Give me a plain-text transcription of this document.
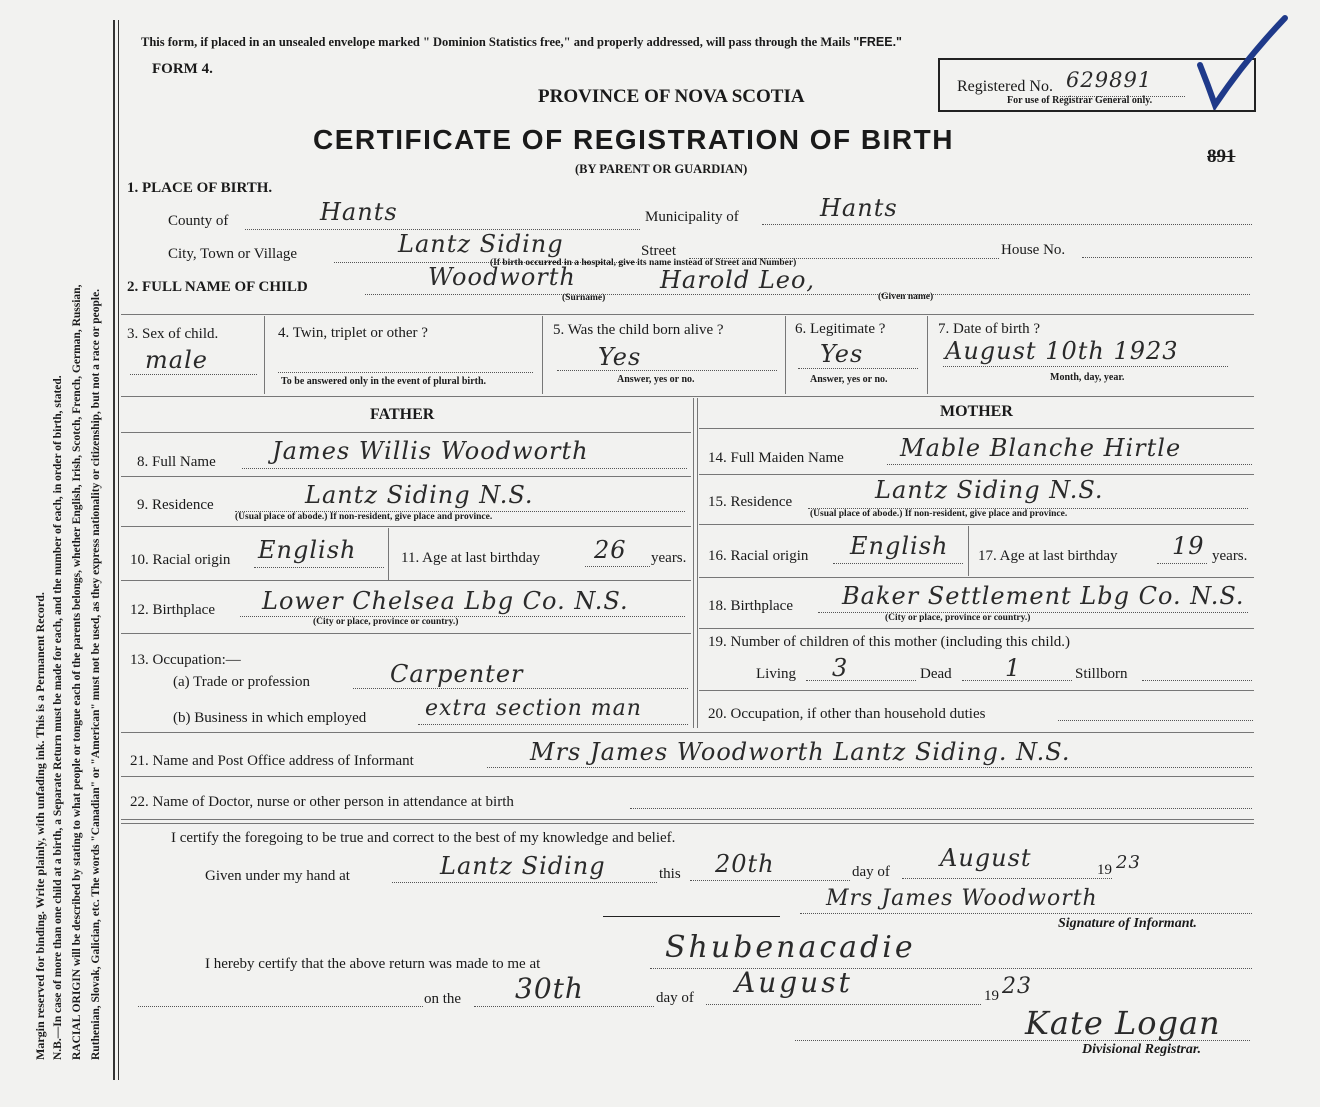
Margin reserved for binding. Write plainly, with unfading ink. This is a Permanent Record. N.B.—In case of more than one child at a birth, a Separate Return must be made for each, and the number of each, in order of birth, stated. RACIAL ORIGIN will be described by stating to what people or tongue each of the parents belongs, whether English, Irish, Scotch, French, German, Russian, Ruthenian, Slovak, Galician, etc. The words "Canadian" or "American" must not be used, as they express nationality or citizenship, but not a race or people.
This form, if placed in an unsealed envelope marked " Dominion Statistics free," and properly addressed, will pass through the Mails "FREE."
FORM 4.
PROVINCE OF NOVA SCOTIA
CERTIFICATE OF REGISTRATION OF BIRTH
(BY PARENT OR GUARDIAN)
Registered No. 629891
For use of Registrar General only.
891
1. PLACE OF BIRTH.
County of	Hants	Municipality of	Hants
City, Town or Village	Lantz Siding	Street	House No.
(If birth occurred in a hospital, give its name instead of Street and Number)
2. FULL NAME OF CHILD	Woodworth	Harold Leo,
(Surname)	(Given name)
3. Sex of child.
male
4. Twin, triplet or other ?
To be answered only in the event of plural birth.
5. Was the child born alive ?
Yes
Answer, yes or no.
6. Legitimate ?
Yes
Answer, yes or no.
7. Date of birth ?
August 10th 1923
Month, day, year.
FATHER
8. Full Name James Willis Woodworth
9. Residence	Lantz Siding N.S.
(Usual place of abode.) If non-resident, give place and province.
10. Racial origin English	11. Age at last birthday 26 years.
12. Birthplace Lower Chelsea Lbg Co. N.S.
(City or place, province or country.)
13. Occupation:—
(a) Trade or profession	Carpenter
(b) Business in which employed	extra section man
MOTHER
14. Full Maiden Name Mable Blanche Hirtle
15. Residence	Lantz Siding N.S.
(Usual place of abode.) If non-resident, give place and province.
16. Racial origin English 17. Age at last birthday 19 years.
18. Birthplace Baker Settlement Lbg Co. N.S.
(City or place, province or country.)
19. Number of children of this mother (including this child.)
Living 3	Dead 1	Stillborn
20. Occupation, if other than household duties
21. Name and Post Office address of Informant	Mrs James Woodworth Lantz Siding. N.S.
22. Name of Doctor, nurse or other person in attendance at birth
I certify the foregoing to be true and correct to the best of my knowledge and belief.
Given under my hand at	Lantz Siding	this 20th	day of August	19 23
Mrs James Woodworth
Signature of Informant.
I hereby certify that the above return was made to me at	Shubenacadie
on the 30th	day of August	19 23
Kate Logan
Divisional Registrar.
